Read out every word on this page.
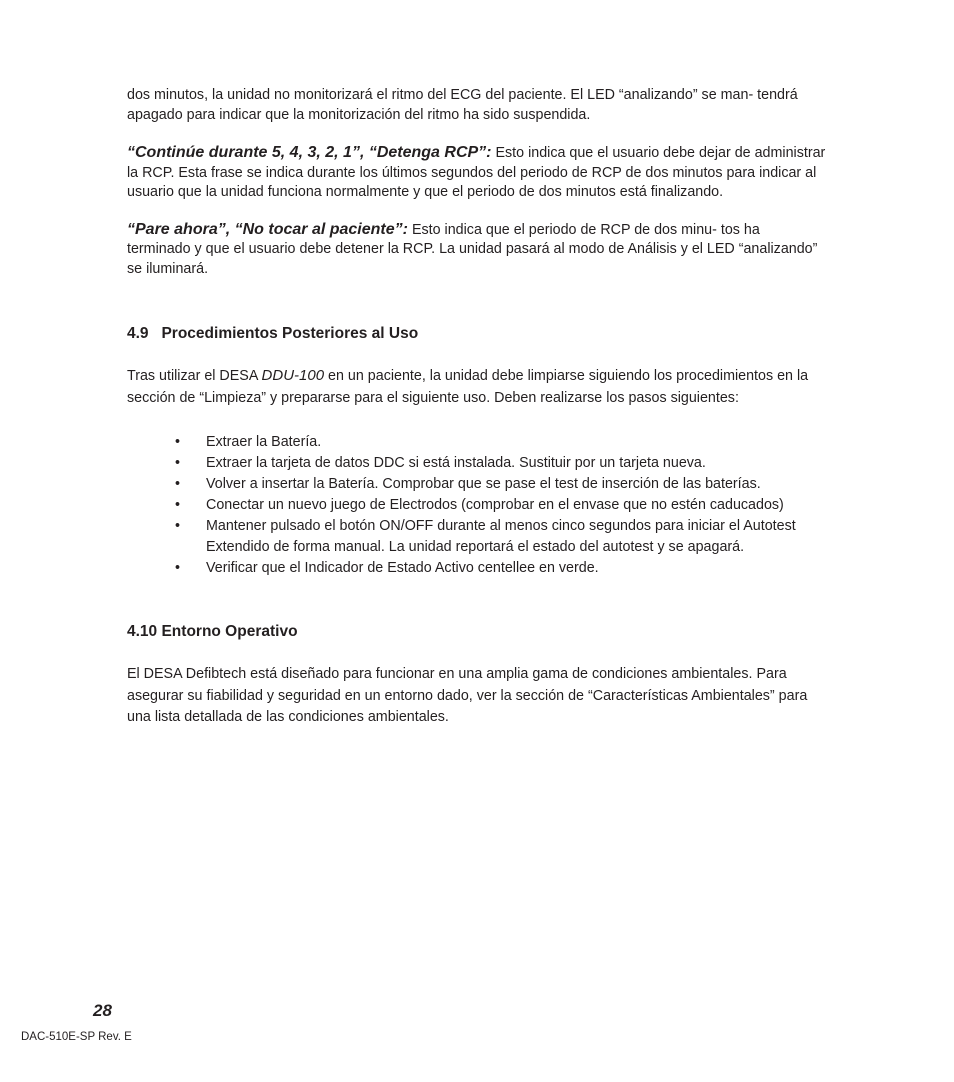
dos minutos, la unidad no monitorizará el ritmo del ECG del paciente. El LED “analizando” se man- tendrá apagado para indicar que la monitorización del ritmo ha sido suspendida.

“Continúe durante 5, 4, 3, 2, 1”, “Detenga RCP”: Esto indica que el usuario debe dejar de administrar la RCP. Esta frase se indica durante los últimos segundos del periodo de RCP de dos minutos para indicar al usuario que la unidad funciona normalmente y que el periodo de dos minutos está finalizando.

“Pare ahora”, “No tocar al paciente”: Esto indica que el periodo de RCP de dos minu- tos ha terminado y que el usuario debe detener la RCP. La unidad pasará al modo de Análisis y el LED “analizando” se iluminará.

4.9   Procedimientos Posteriores al Uso

Tras utilizar el DESA DDU-100 en un paciente, la unidad debe limpiarse siguiendo los procedimientos en la sección de “Limpieza” y prepararse para el siguiente uso. Deben realizarse los pasos siguientes:

• Extraer la Batería.
• Extraer la tarjeta de datos DDC si está instalada. Sustituir por un tarjeta nueva.
• Volver a insertar la Batería. Comprobar que se pase el test de inserción de las baterías.
• Conectar un nuevo juego de Electrodos (comprobar en el envase que no estén caducados)
• Mantener pulsado el botón ON/OFF durante al menos cinco segundos para iniciar el Autotest Extendido de forma manual. La unidad reportará el estado del autotest y se apagará.
• Verificar que el Indicador de Estado Activo centellee en verde.
4.10 Entorno Operativo

El DESA Defibtech está diseñado para funcionar en una amplia gama de condiciones ambientales. Para asegurar su fiabilidad y seguridad en un entorno dado, ver la sección de “Características Ambientales” para una lista detallada de las condiciones ambientales.

28
DAC-510E-SP Rev. E
